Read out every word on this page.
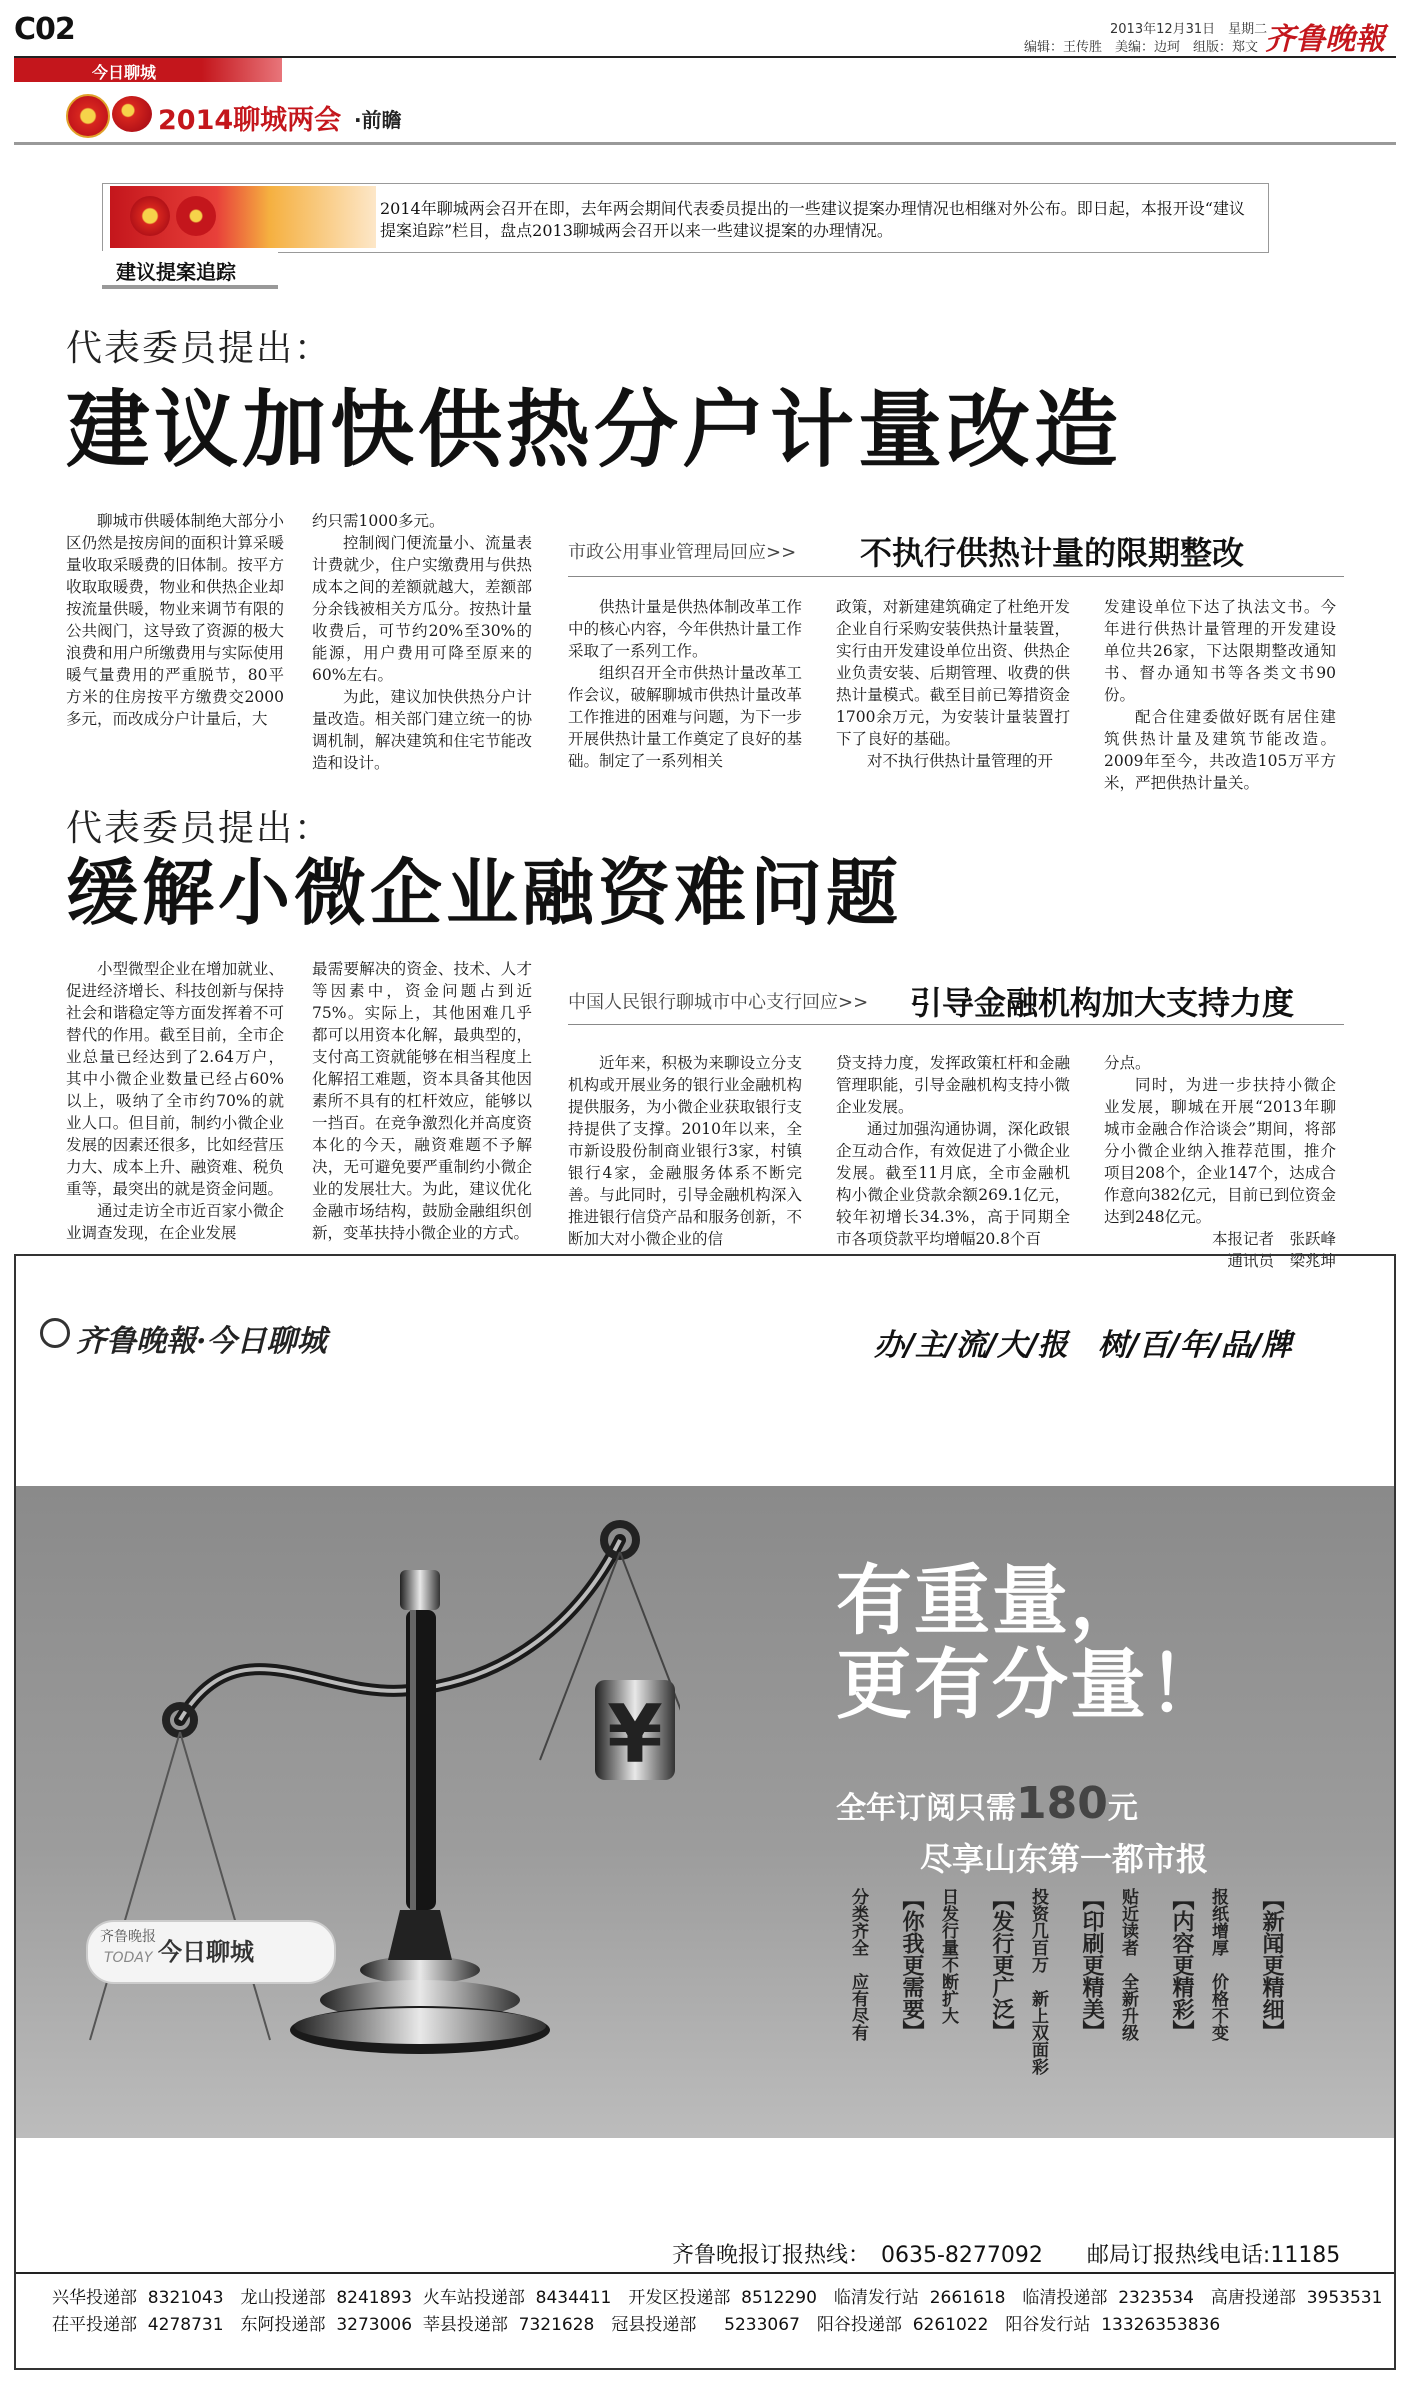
C02
今日聊城
2013年12月31日　星期二
编辑：王传胜　美编：边珂　组版：郑文 齐鲁晚報
2014聊城两会 ·前瞻
2014年聊城两会召开在即，去年两会期间代表委员提出的一些建议提案办理情况也相继对外公布。即日起，本报开设“建议提案追踪”栏目，盘点2013聊城两会召开以来一些建议提案的办理情况。
建议提案追踪
代表委员提出：
建议加快供热分户计量改造

聊城市供暖体制绝大部分小区仍然是按房间的面积计算采暖量收取采暖费的旧体制。按平方收取取暖费，物业和供热企业却按流量供暖，物业来调节有限的公共阀门，这导致了资源的极大浪费和用户所缴费用与实际使用暖气量费用的严重脱节，80平方米的住房按平方缴费交2000多元，而改成分户计量后，大

约只需1000多元。

控制阀门便流量小、流量表计费就少，住户实缴费用与供热成本之间的差额就越大，差额部分余钱被相关方瓜分。按热计量收费后，可节约20%至30%的能源，用户费用可降至原来的60%左右。

为此，建议加快供热分户计量改造。相关部门建立统一的协调机制，解决建筑和住宅节能改造和设计。

市政公用事业管理局回应>> 不执行供热计量的限期整改

供热计量是供热体制改革工作中的核心内容，今年供热计量工作采取了一系列工作。

组织召开全市供热计量改革工作会议，破解聊城市供热计量改革工作推进的困难与问题，为下一步开展供热计量工作奠定了良好的基础。制定了一系列相关

政策，对新建建筑确定了杜绝开发企业自行采购安装供热计量装置，实行由开发建设单位出资、供热企业负责安装、后期管理、收费的供热计量模式。截至目前已筹措资金1700余万元，为安装计量装置打下了良好的基础。

对不执行供热计量管理的开

发建设单位下达了执法文书。今年进行供热计量管理的开发建设单位共26家，下达限期整改通知书、督办通知书等各类文书90份。

配合住建委做好既有居住建筑供热计量及建筑节能改造。2009年至今，共改造105万平方米，严把供热计量关。

代表委员提出：
缓解小微企业融资难问题

小型微型企业在增加就业、促进经济增长、科技创新与保持社会和谐稳定等方面发挥着不可替代的作用。截至目前，全市企业总量已经达到了2.64万户，其中小微企业数量已经占60%以上，吸纳了全市约70%的就业人口。但目前，制约小微企业发展的因素还很多，比如经营压力大、成本上升、融资难、税负重等，最突出的就是资金问题。

通过走访全市近百家小微企业调查发现，在企业发展

最需要解决的资金、技术、人才等因素中，资金问题占到近75%。实际上，其他困难几乎都可以用资本化解，最典型的，支付高工资就能够在相当程度上化解招工难题，资本具备其他因素所不具有的杠杆效应，能够以一挡百。在竞争激烈化并高度资本化的今天，融资难题不予解决，无可避免要严重制约小微企业的发展壮大。为此，建议优化金融市场结构，鼓励金融组织创新，变革扶持小微企业的方式。
中国人民银行聊城市中心支行回应>> 引导金融机构加大支持力度

近年来，积极为来聊设立分支机构或开展业务的银行业金融机构提供服务，为小微企业获取银行支持提供了支撑。2010年以来，全市新设股份制商业银行3家，村镇银行4家，金融服务体系不断完善。与此同时，引导金融机构深入推进银行信贷产品和服务创新，不断加大对小微企业的信

贷支持力度，发挥政策杠杆和金融管理职能，引导金融机构支持小微企业发展。

通过加强沟通协调，深化政银企互动合作，有效促进了小微企业发展。截至11月底，全市金融机构小微企业贷款余额269.1亿元，较年初增长34.3%，高于同期全市各项贷款平均增幅20.8个百

分点。

同时，为进一步扶持小微企业发展，聊城在开展“2013年聊城市金融合作洽谈会”期间，将部分小微企业纳入推荐范围，推介项目208个，企业147个，达成合作意向382亿元，目前已到位资金达到248亿元。

本报记者　张跃峰
通讯员　梁兆坤
齐鲁晚報·今日聊城	办/主/流/大/报　树/百/年/品/牌
¥
齐鲁晚报
TODAY 今日聊城
有重量，
更有分量！
全年订阅只需180元
尽享山东第一都市报
【新闻更精细】
报纸增厚　价格不变
【内容更精彩】
贴近读者　全新升级
【印刷更精美】
投资几百万　新上双面彩
【发行更广泛】
日发行量不断扩大
【你我更需要】
分类齐全　应有尽有
齐鲁晚报订报热线：　0635-8277092　　邮局订报热线电话:11185
兴华投递部  8321043　龙山投递部  8241893  火车站投递部  8434411　开发区投递部  8512290　临清发行站  2661618　临清投递部  2323534　高唐投递部  3953531
茌平投递部  4278731　东阿投递部  3273006  莘县投递部  7321628　冠县投递部　  5233067　阳谷投递部  6261022　阳谷发行站  13326353836
